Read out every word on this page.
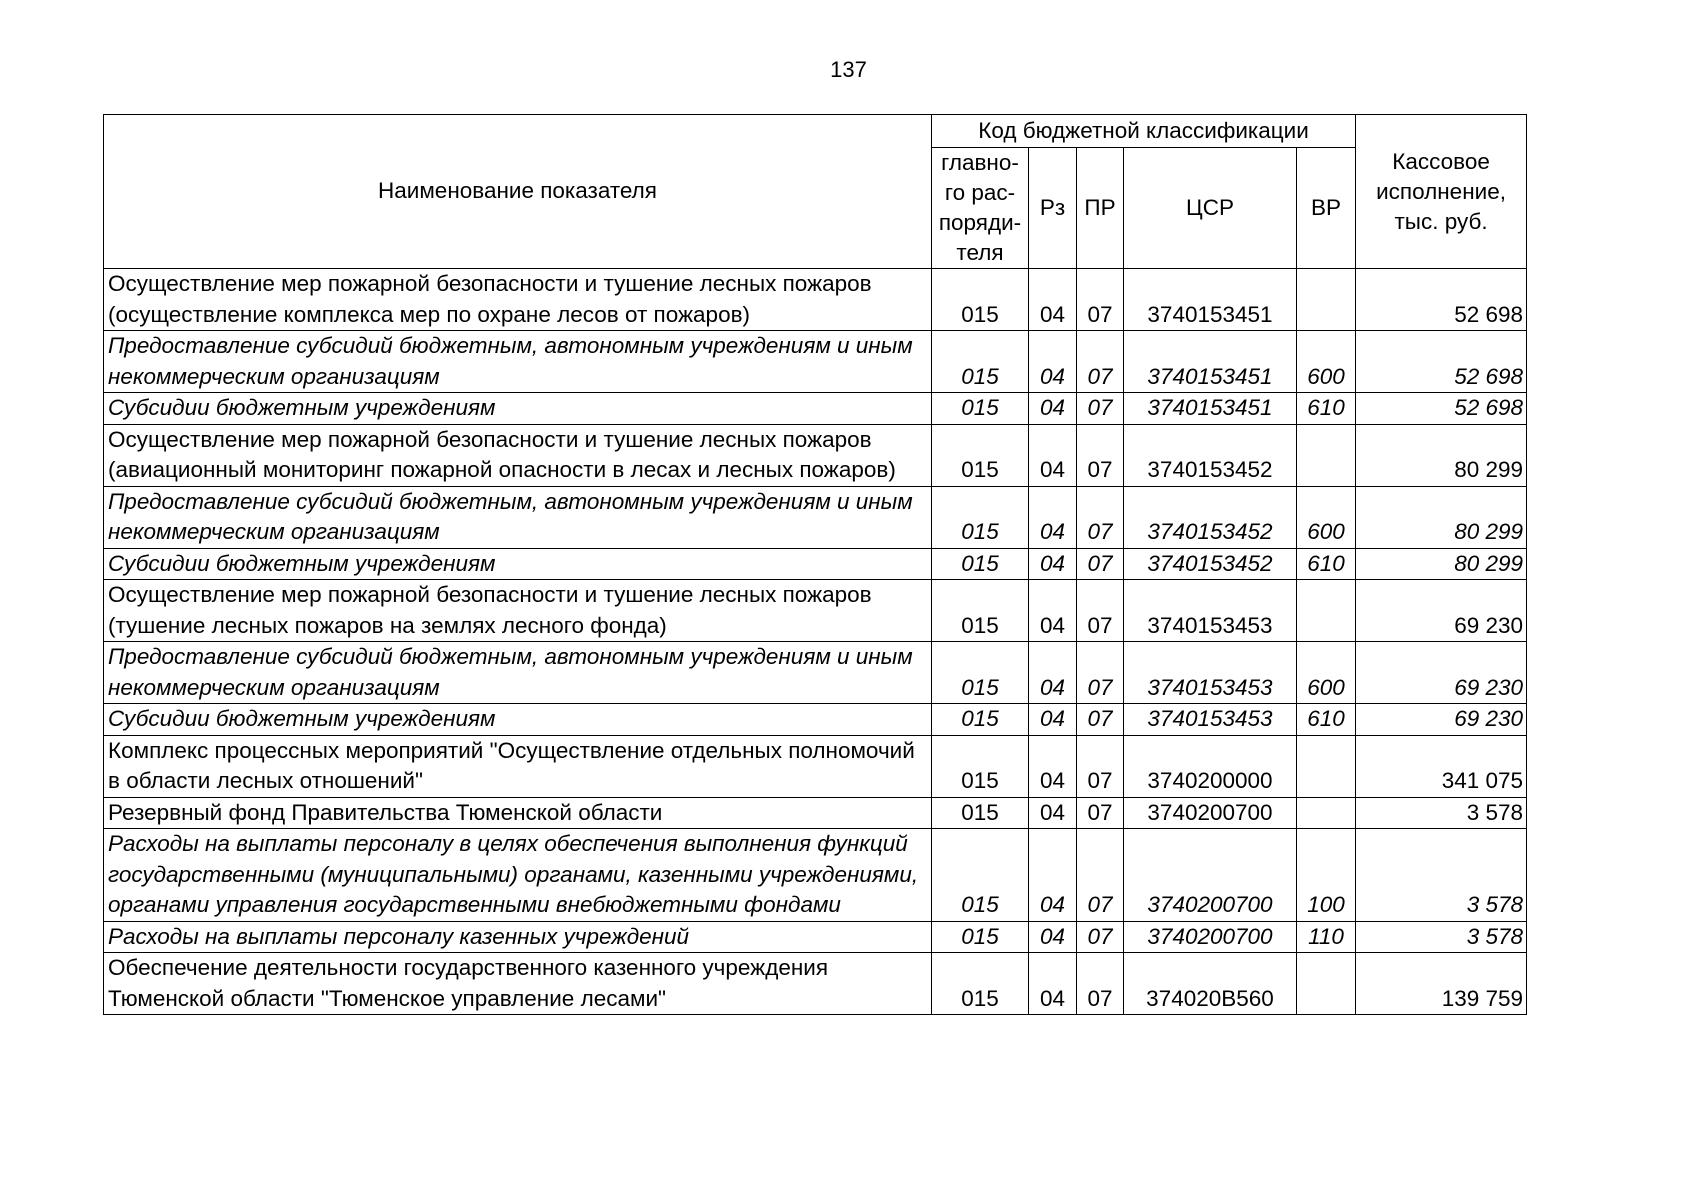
137
Наименование показателя	Код бюджетной классификации					Кассовое исполнение, тыс. руб.
	главно-го рас-поряди-теля	Рз	ПР	ЦСР	ВР	
Осуществление мер пожарной безопасности и тушение лесных пожаров (осуществление комплекса мер по охране лесов от пожаров)	015	04	07	3740153451		52 698
Предоставление субсидий бюджетным, автономным учреждениям и иным некоммерческим организациям	015	04	07	3740153451	600	52 698
Субсидии бюджетным учреждениям	015	04	07	3740153451	610	52 698
Осуществление мер пожарной безопасности и тушение лесных пожаров (авиационный мониторинг пожарной опасности в лесах и лесных пожаров)	015	04	07	3740153452		80 299
Предоставление субсидий бюджетным, автономным учреждениям и иным некоммерческим организациям	015	04	07	3740153452	600	80 299
Субсидии бюджетным учреждениям	015	04	07	3740153452	610	80 299
Осуществление мер пожарной безопасности и тушение лесных пожаров (тушение лесных пожаров на землях лесного фонда)	015	04	07	3740153453		69 230
Предоставление субсидий бюджетным, автономным учреждениям и иным некоммерческим организациям	015	04	07	3740153453	600	69 230
Субсидии бюджетным учреждениям	015	04	07	3740153453	610	69 230
Комплекс процессных мероприятий "Осуществление отдельных полномочий в области лесных отношений"	015	04	07	3740200000		341 075
Резервный фонд Правительства Тюменской области	015	04	07	3740200700		3 578
Расходы на выплаты персоналу в целях обеспечения выполнения функций государственными (муниципальными) органами, казенными учреждениями, органами управления государственными внебюджетными фондами	015	04	07	3740200700	100	3 578
Расходы на выплаты персоналу казенных учреждений	015	04	07	3740200700	110	3 578
Обеспечение деятельности государственного казенного учреждения Тюменской области "Тюменское управление лесами"	015	04	07	374020В560		139 759
